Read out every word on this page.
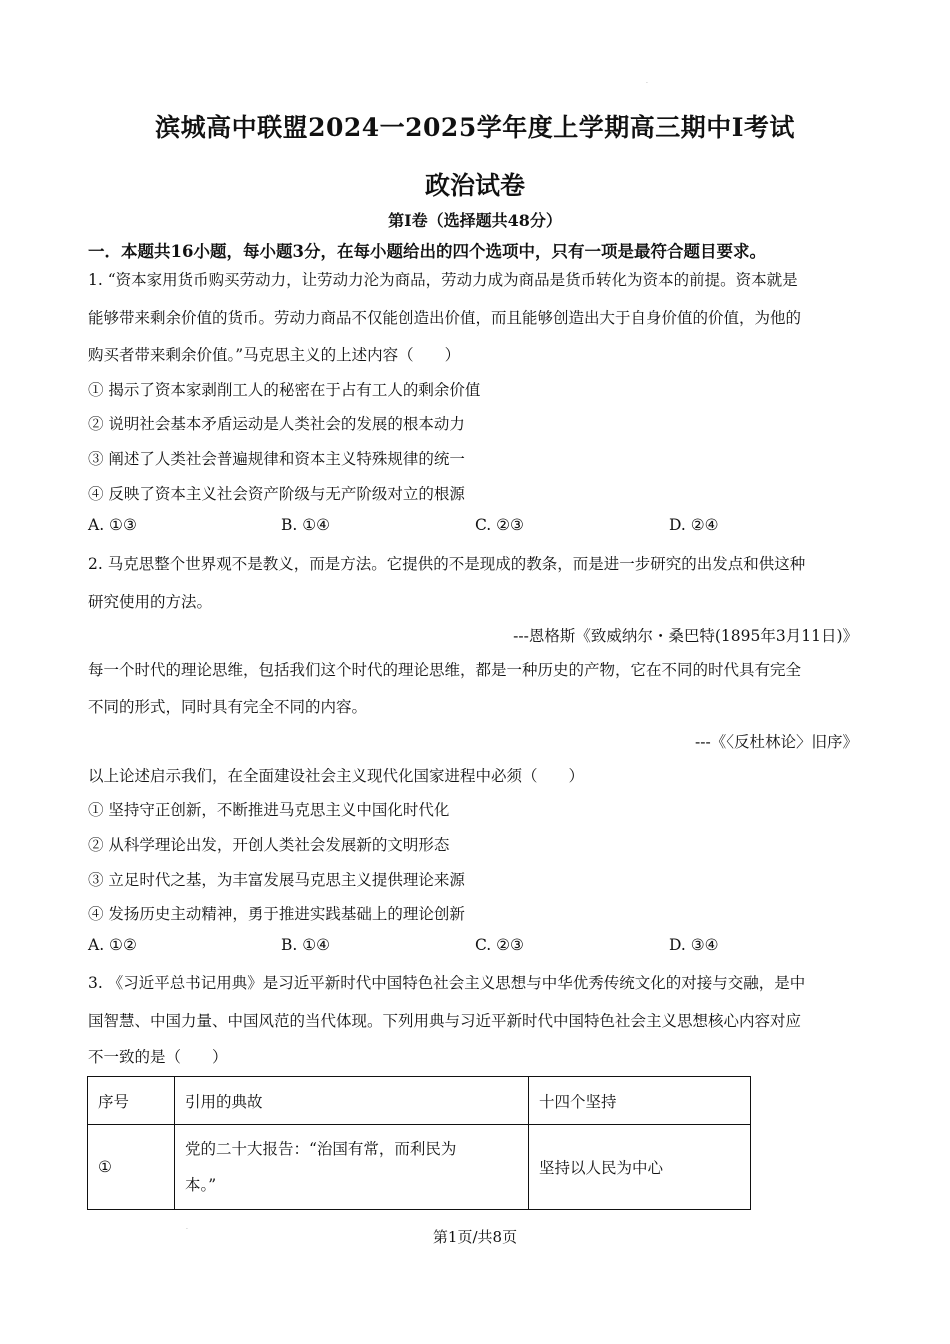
.
滨城高中联盟2024一2025学年度上学期高三期中Ⅰ考试
政治试卷
第Ⅰ卷（选择题共48分）
一．本题共16小题，每小题3分，在每小题给出的四个选项中，只有一项是最符合题目要求。
1. “资本家用货币购买劳动力，让劳动力沦为商品，劳动力成为商品是货币转化为资本的前提。资本就是
能够带来剩余价值的货币。劳动力商品不仅能创造出价值，而且能够创造出大于自身价值的价值，为他的
购买者带来剩余价值。”马克思主义的上述内容（　　）
① 揭示了资本家剥削工人的秘密在于占有工人的剩余价值
② 说明社会基本矛盾运动是人类社会的发展的根本动力
③ 阐述了人类社会普遍规律和资本主义特殊规律的统一
④ 反映了资本主义社会资产阶级与无产阶级对立的根源
A. ①③	B. ①④	C. ②③	D. ②④
2. 马克思整个世界观不是教义，而是方法。它提供的不是现成的教条，而是进一步研究的出发点和供这种
研究使用的方法。
---恩格斯《致威纳尔・桑巴特(1895年3月11日)》
每一个时代的理论思维，包括我们这个时代的理论思维，都是一种历史的产物，它在不同的时代具有完全
不同的形式，同时具有完全不同的内容。
---《〈反杜林论〉旧序》
以上论述启示我们，在全面建设社会主义现代化国家进程中必须（　　）
① 坚持守正创新，不断推进马克思主义中国化时代化
② 从科学理论出发，开创人类社会发展新的文明形态
③ 立足时代之基，为丰富发展马克思主义提供理论来源
④ 发扬历史主动精神，勇于推进实践基础上的理论创新
A. ①②	B. ①④	C. ②③	D. ③④
3. 《习近平总书记用典》是习近平新时代中国特色社会主义思想与中华优秀传统文化的对接与交融，是中
国智慧、中国力量、中国风范的当代体现。下列用典与习近平新时代中国特色社会主义思想核心内容对应
不一致的是（　　）
序号	引用的典故	十四个坚持
①	党的二十大报告：“治国有常，而利民为
本。”	坚持以人民为中心
.
第1页/共8页
